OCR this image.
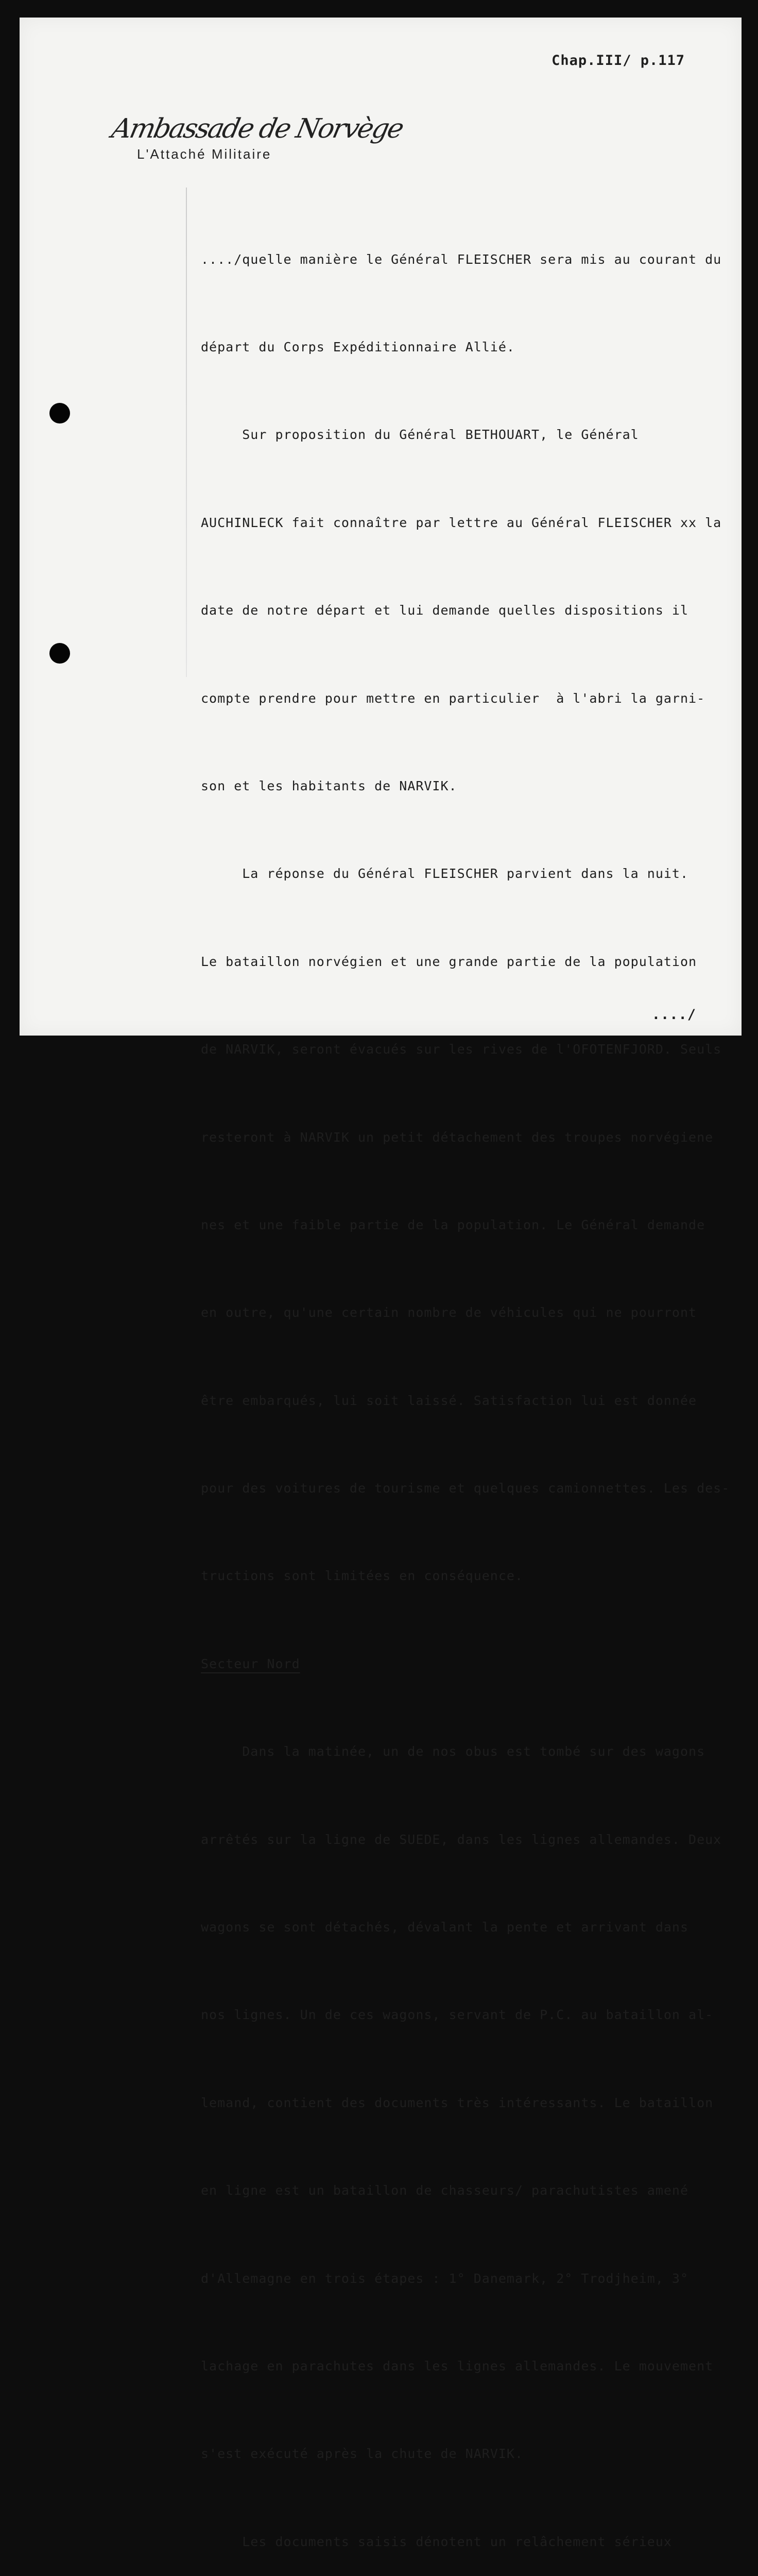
Chap.III/ p.117
Ambassade de Norvège
L'Attaché Militaire

..../quelle manière le Général FLEISCHER sera mis au courant du

départ du Corps Expéditionnaire Allié.

Sur proposition du Général BETHOUART, le Général

AUCHINLECK fait connaître par lettre au Général FLEISCHER xx la

date de notre départ et lui demande quelles dispositions il

compte prendre pour mettre en particulier  à l'abri la garni-

son et les habitants de NARVIK.

La réponse du Général FLEISCHER parvient dans la nuit.

Le bataillon norvégien et une grande partie de la population

de NARVIK, seront évacués sur les rives de l'OFOTENFJORD. Seuls

resteront à NARVIK un petit détachement des troupes norvégiene

nes et une faible partie de la population. Le Général demande

en outre, qu'une certain nombre de véhicules qui ne pourront

être embarqués, lui soit laissé. Satisfaction lui est donnée

pour des voitures de tourisme et quelques camionnettes. Les des-

tructions sont limitées en conséquence.

Secteur Nord

Dans la matinée, un de nos obus est tombé sur des wagons

arrêtés sur la ligne de SUEDE, dans les lignes allemandes. Deux

wagons se sont détachés, dévalant la pente et arrivant dans

nos lignes. Un de ces wagons, servant de P.C. au bataillon al-

lemand, contient des documents très intéressants. Le bataillon

en ligne est un bataillon de chasseurs/ parachutistes amené

d'Allemagne en trois étapes : 1° Danemark, 2° Trodjheim, 3°

lachage en parachutes dans les lignes allemandes. Le mouvement

s'est exécuté après la chute de NARVIK.

Les documents saisis dénotent un relâchement sérieux

..../
